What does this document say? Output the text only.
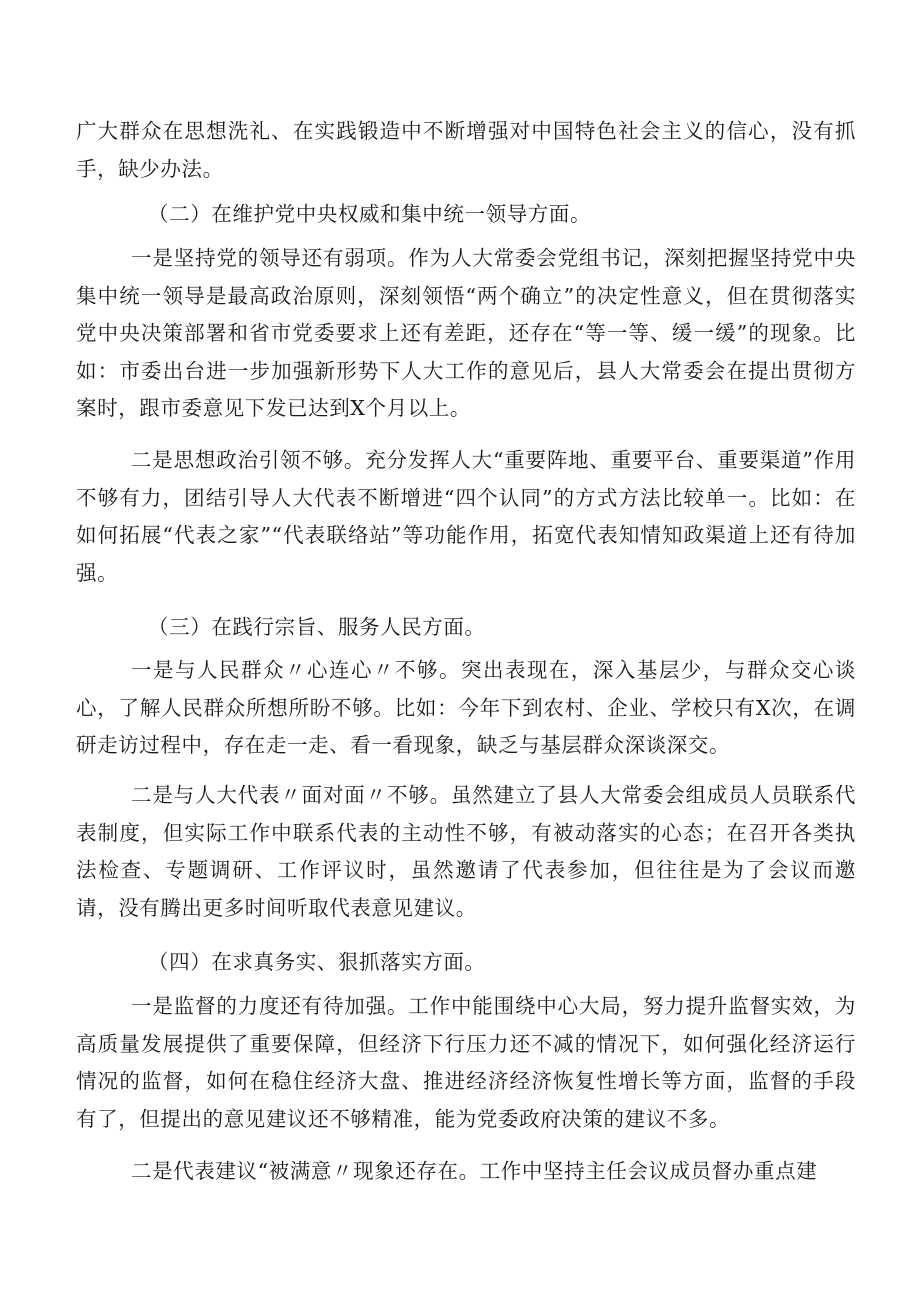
广大群众在思想洗礼、在实践锻造中不断增强对中国特色社会主义的信心，没有抓手，缺少办法。

（二）在维护党中央权威和集中统一领导方面。

一是坚持党的领导还有弱项。作为人大常委会党组书记，深刻把握坚持党中央集中统一领导是最高政治原则，深刻领悟“两个确立”的决定性意义，但在贯彻落实党中央决策部署和省市党委要求上还有差距，还存在“等一等、缓一缓”的现象。比如：市委出台进一步加强新形势下人大工作的意见后，县人大常委会在提出贯彻方案时，跟市委意见下发已达到X个月以上。

二是思想政治引领不够。充分发挥人大“重要阵地、重要平台、重要渠道”作用不够有力，团结引导人大代表不断增进“四个认同”的方式方法比较单一。比如：在如何拓展“代表之家”“代表联络站”等功能作用，拓宽代表知情知政渠道上还有待加强。

（三）在践行宗旨、服务人民方面。

一是与人民群众〃心连心〃不够。突出表现在，深入基层少，与群众交心谈心，了解人民群众所想所盼不够。比如：今年下到农村、企业、学校只有X次，在调研走访过程中，存在走一走、看一看现象，缺乏与基层群众深谈深交。

二是与人大代表〃面对面〃不够。虽然建立了县人大常委会组成员人员联系代表制度，但实际工作中联系代表的主动性不够，有被动落实的心态；在召开各类执法检查、专题调研、工作评议时，虽然邀请了代表参加，但往往是为了会议而邀请，没有腾出更多时间听取代表意见建议。

（四）在求真务实、狠抓落实方面。

一是监督的力度还有待加强。工作中能围绕中心大局，努力提升监督实效，为高质量发展提供了重要保障，但经济下行压力还不减的情况下，如何强化经济运行情况的监督，如何在稳住经济大盘、推进经济经济恢复性增长等方面，监督的手段有了，但提出的意见建议还不够精准，能为党委政府决策的建议不多。

二是代表建议“被满意〃现象还存在。工作中坚持主任会议成员督办重点建
